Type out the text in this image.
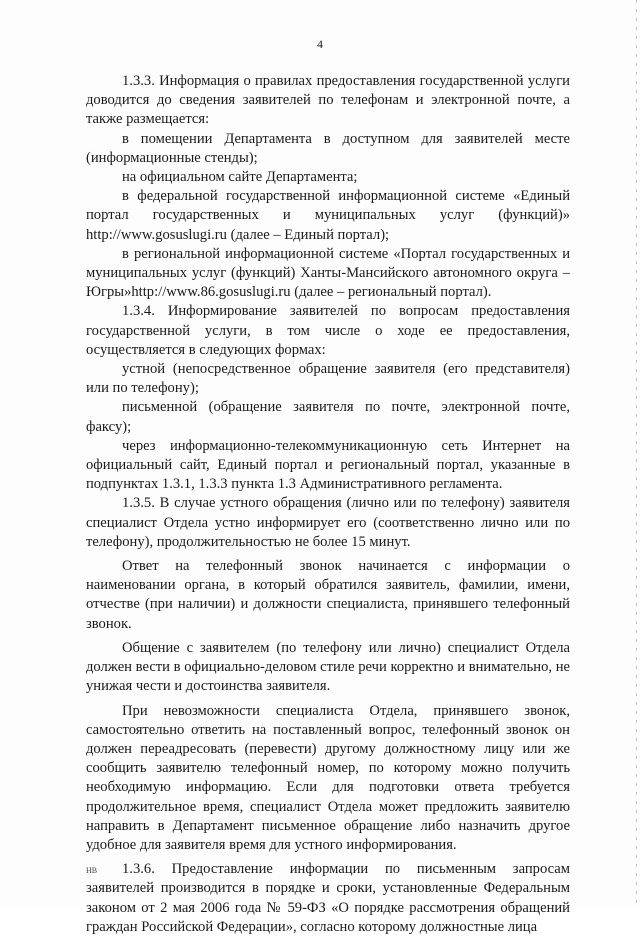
4

1.3.3. Информация о правилах предоставления государственной услуги доводится до сведения заявителей по телефонам и электронной почте, а также размещается:

в помещении Департамента в доступном для заявителей месте (информационные стенды);

на официальном сайте Департамента;

в федеральной государственной информационной системе «Единый портал государственных и муниципальных услуг (функций)» http://www.gosuslugi.ru (далее – Единый портал);

в региональной информационной системе «Портал государственных и муниципальных услуг (функций) Ханты-Мансийского автономного округа – Югры»http://www.86.gosuslugi.ru (далее – региональный портал).

1.3.4. Информирование заявителей по вопросам предоставления государственной услуги, в том числе о ходе ее предоставления, осуществляется в следующих формах:

устной (непосредственное обращение заявителя (его представителя) или по телефону);

письменной (обращение заявителя по почте, электронной почте, факсу);

через информационно-телекоммуникационную сеть Интернет на официальный сайт, Единый портал и региональный портал, указанные в подпунктах 1.3.1, 1.3.3 пункта 1.3 Административного регламента.

1.3.5. В случае устного обращения (лично или по телефону) заявителя специалист Отдела устно информирует его (соответственно лично или по телефону), продолжительностью не более 15 минут.

Ответ на телефонный звонок начинается с информации о наименовании органа, в который обратился заявитель, фамилии, имени, отчестве (при наличии) и должности специалиста, принявшего телефонный звонок.

Общение с заявителем (по телефону или лично) специалист Отдела должен вести в официально-деловом стиле речи корректно и внимательно, не унижая чести и достоинства заявителя.

При невозможности специалиста Отдела, принявшего звонок, самостоятельно ответить на поставленный вопрос, телефонный звонок он должен переадресовать (перевести) другому должностному лицу или же сообщить заявителю телефонный номер, по которому можно получить необходимую информацию. Если для подготовки ответа требуется продолжительное время, специалист Отдела может предложить заявителю направить в Департамент письменное обращение либо назначить другое удобное для заявителя время для устного информирования.

1.3.6. Предоставление информации по письменным запросам заявителей производится в порядке и сроки, установленные Федеральным законом от 2 мая 2006 года № 59-ФЗ «О порядке рассмотрения обращений граждан Российской Федерации», согласно которому должностные лица

HB
